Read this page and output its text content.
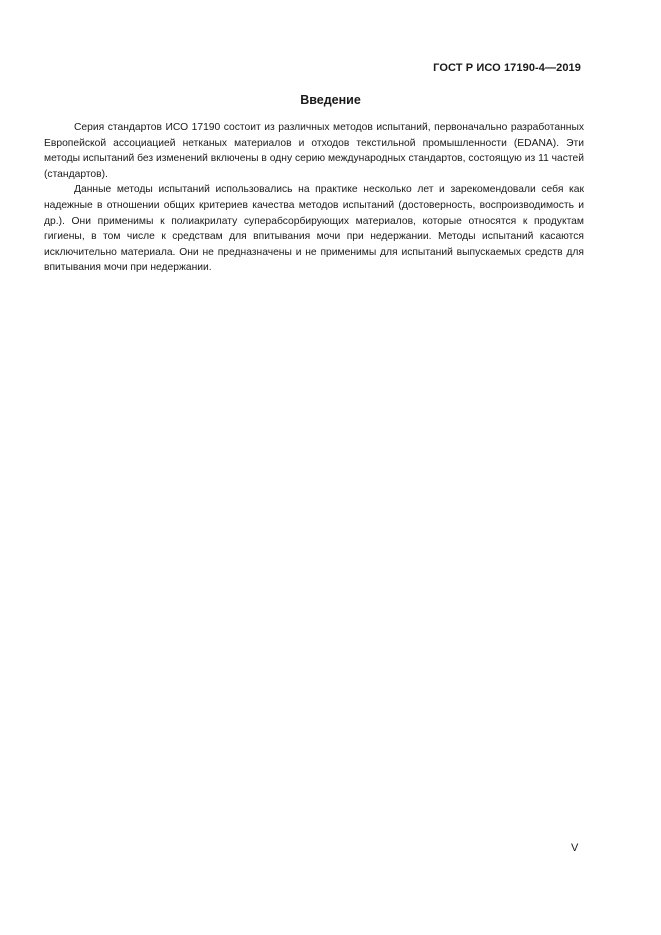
ГОСТ Р ИСО 17190-4—2019
Введение

Серия стандартов ИСО 17190 состоит из различных методов испытаний, первоначально разработанных Европейской ассоциацией нетканых материалов и отходов текстильной промышленности (EDANA). Эти методы испытаний без изменений включены в одну серию международных стандартов, состоящую из 11 частей (стандартов).

Данные методы испытаний использовались на практике несколько лет и зарекомендовали себя как надежные в отношении общих критериев качества методов испытаний (достоверность, воспроизводимость и др.). Они применимы к полиакрилату суперабсорбирующих материалов, которые относятся к продуктам гигиены, в том числе к средствам для впитывания мочи при недержании. Методы испытаний касаются исключительно материала. Они не предназначены и не применимы для испытаний выпускаемых средств для впитывания мочи при недержании.

V
